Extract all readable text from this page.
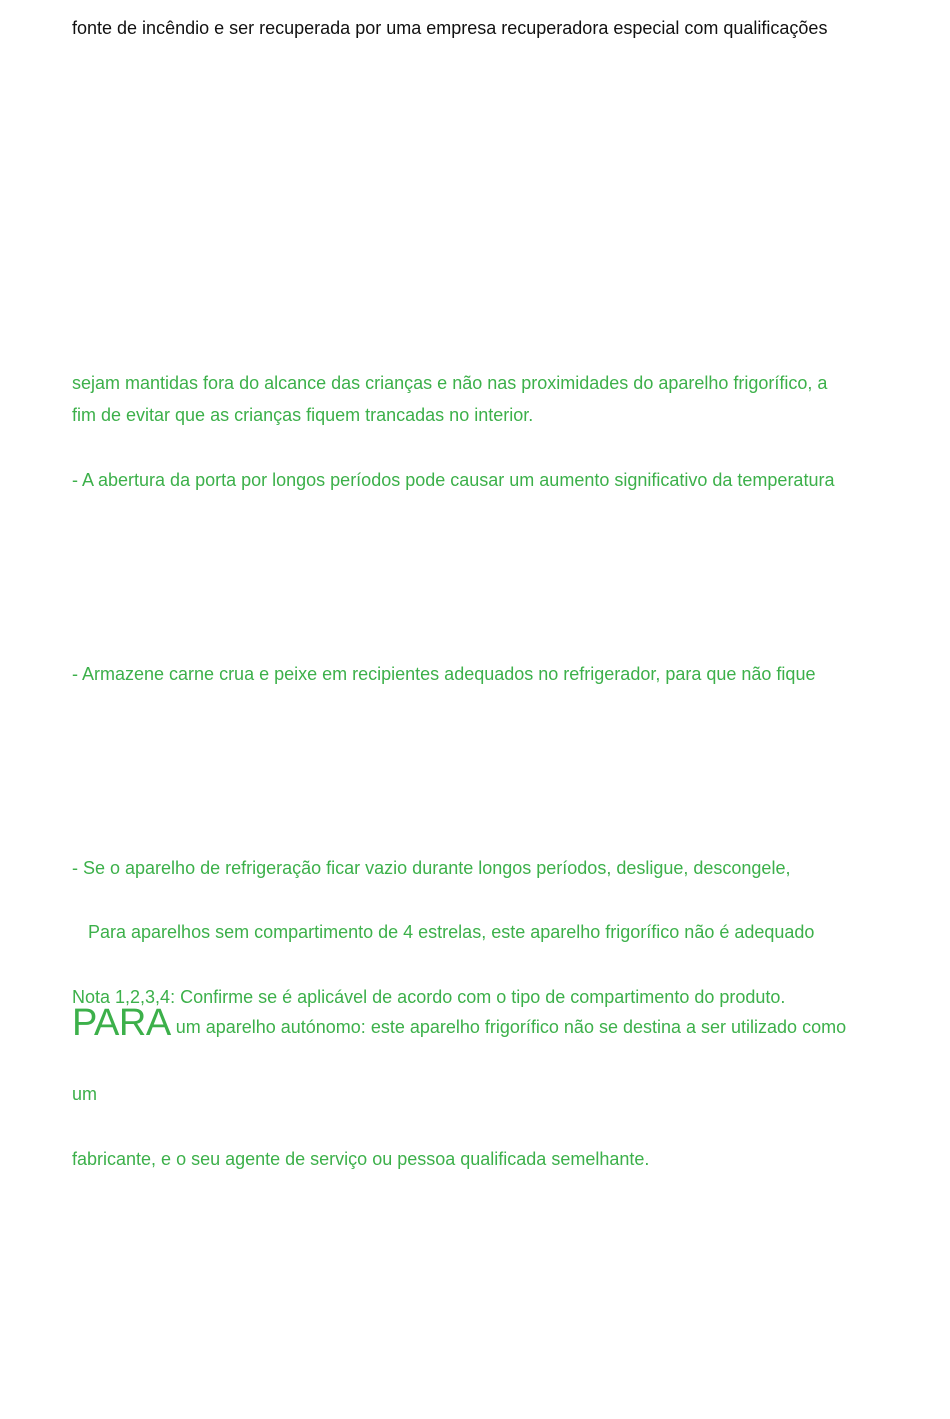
fonte de incêndio e ser recuperada por uma empresa recuperadora especial com qualificações

sejam mantidas fora do alcance das crianças e não nas proximidades do aparelho frigorífico, a

fim de evitar que as crianças fiquem trancadas no interior.

- A abertura da porta por longos períodos pode causar um aumento significativo da temperatura

- Armazene carne crua e peixe em recipientes adequados no refrigerador, para que não fique

- Se o aparelho de refrigeração ficar vazio durante longos períodos, desligue, descongele,

Para aparelhos sem compartimento de 4 estrelas, este aparelho frigorífico não é adequado

Nota 1,2,3,4: Confirme se é aplicável de acordo com o tipo de compartimento do produto.

PARA um aparelho autónomo: este aparelho frigorífico não se destina a ser utilizado como

um

fabricante, e o seu agente de serviço ou pessoa qualificada semelhante.
